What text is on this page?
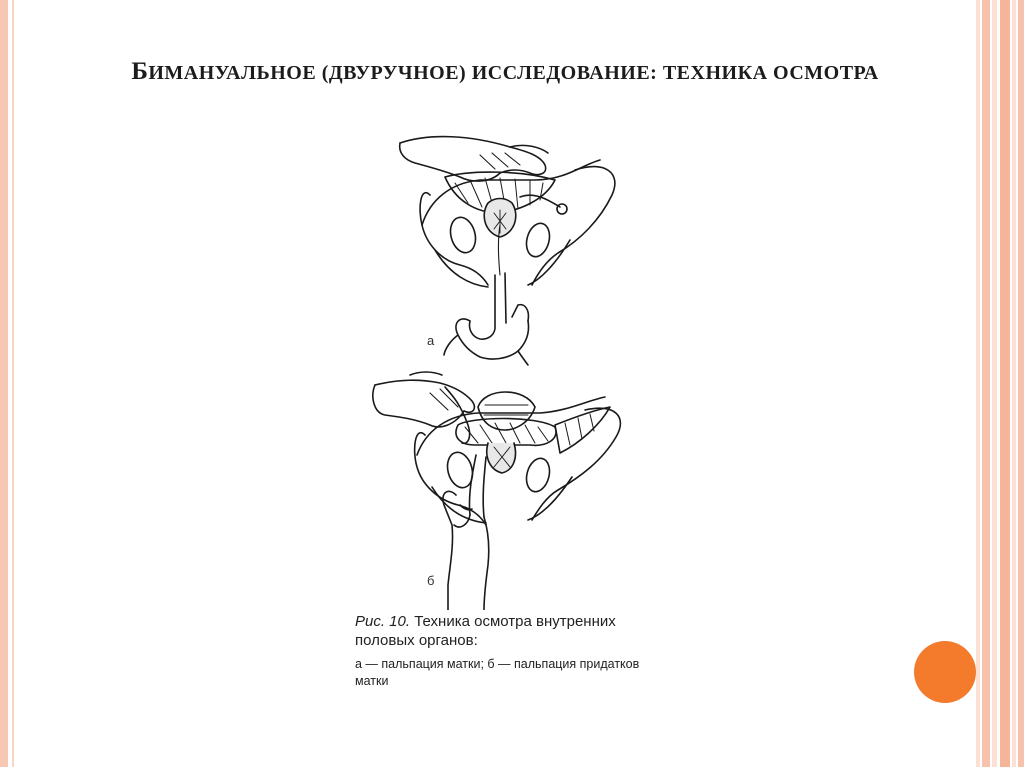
БИМАНУАЛЬНОЕ (ДВУРУЧНОЕ) ИССЛЕДОВАНИЕ: ТЕХНИКА ОСМОТРА
а
б
Рис. 10. Техника осмотра внутренних половых органов:
а — пальпация матки; б — пальпация придатков матки
